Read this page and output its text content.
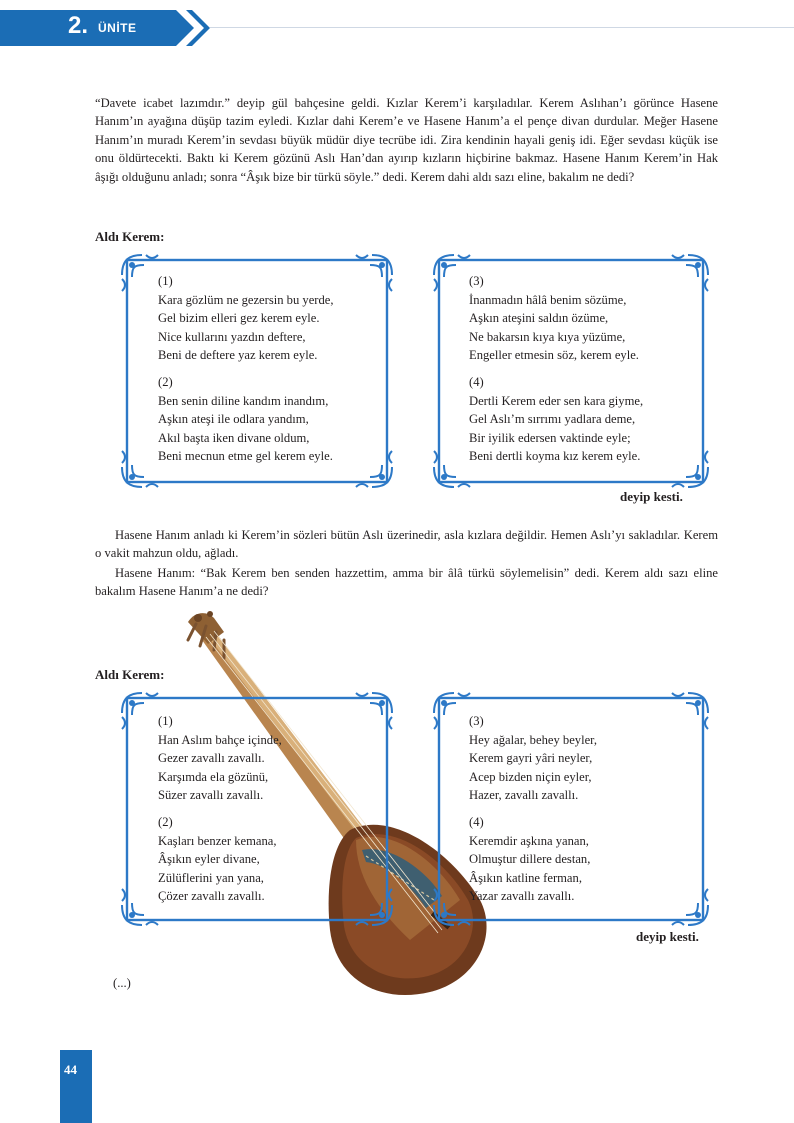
2. ÜNİTE

“Davete icabet lazımdır.” deyip gül bahçesine geldi. Kızlar Kerem’i karşıladılar. Kerem Aslıhan’ı görünce Hasene Hanım’ın ayağına düşüp tazim eyledi. Kızlar dahi Kerem’e ve Hasene Hanım’a el pençe divan durdular. Meğer Hasene Hanım’ın muradı Kerem’in sevdası büyük müdür diye tecrübe idi. Zira kendinin hayali geniş idi. Eğer sevdası küçük ise onu öldürtecekti. Baktı ki Kerem gözünü Aslı Han’dan ayırıp kızların hiçbirine bakmaz. Hasene Hanım Kerem’in Hak âşığı olduğunu anladı; sonra “Âşık bize bir türkü söyle.” dedi. Kerem dahi aldı sazı eline, bakalım ne dedi?

Aldı Kerem:

(1)
Kara gözlüm ne gezersin bu yerde,
Gel bizim elleri gez kerem eyle.
Nice kullarını yazdın deftere,
Beni de deftere yaz kerem eyle.
(2)
Ben senin diline kandım inandım,
Aşkın ateşi ile odlara yandım,
Akıl başta iken divane oldum,
Beni mecnun etme gel kerem eyle.
(3)
İnanmadın hâlâ benim sözüme,
Aşkın ateşini saldın özüme,
Ne bakarsın kıya kıya yüzüme,
Engeller etmesin söz, kerem eyle.
(4)
Dertli Kerem eder sen kara giyme,
Gel Aslı’m sırrımı yadlara deme,
Bir iyilik edersen vaktinde eyle;
Beni dertli koyma kız kerem eyle.
deyip kesti.

Hasene Hanım anladı ki Kerem’in sözleri bütün Aslı üzerinedir, asla kızlara değildir. Hemen Aslı’yı sakladılar. Kerem o vakit mahzun oldu, ağladı.

Hasene Hanım: “Bak Kerem ben senden hazzettim, amma bir âlâ türkü söylemelisin” dedi. Kerem aldı sazı eline bakalım Hasene Hanım’a ne dedi?

Aldı Kerem:

(1)
Han Aslım bahçe içinde,
Gezer zavallı zavallı.
Karşımda ela gözünü,
Süzer zavallı zavallı.
(2)
Kaşları benzer kemana,
Âşıkın eyler divane,
Zülüflerini yan yana,
Çözer zavallı zavallı.
(3)
Hey ağalar, behey beyler,
Kerem gayri yâri neyler,
Acep bizden niçin eyler,
Hazer, zavallı zavallı.
(4)
Keremdir aşkına yanan,
Olmuştur dillere destan,
Âşıkın katline ferman,
Yazar zavallı zavallı.
deyip kesti.
(...)
44
